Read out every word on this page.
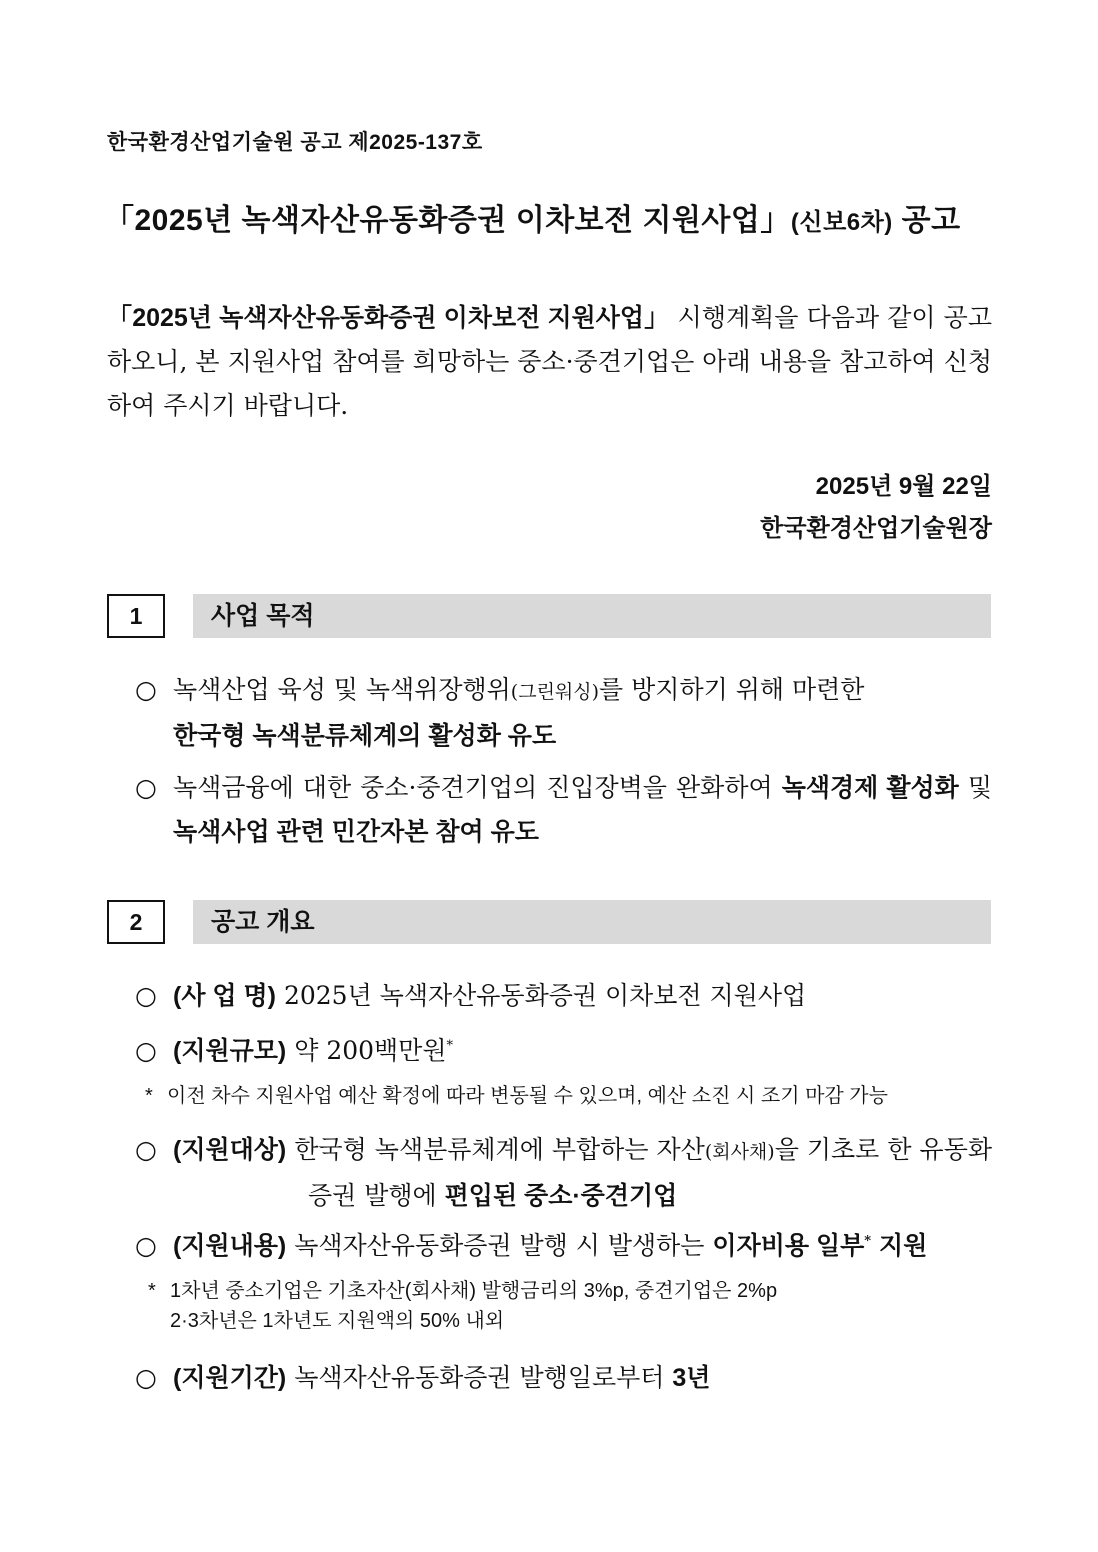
한국환경산업기술원 공고 제2025-137호
「2025년 녹색자산유동화증권 이차보전 지원사업」(신보6차) 공고
「2025년 녹색자산유동화증권 이차보전 지원사업」 시행계획을 다음과 같이 공고하오니, 본 지원사업 참여를 희망하는 중소·중견기업은 아래 내용을 참고하여 신청하여 주시기 바랍니다.
2025년 9월 22일
한국환경산업기술원장
1	사업 목적
○ 녹색산업 육성 및 녹색위장행위(그린워싱)를 방지하기 위해 마련한
한국형 녹색분류체계의 활성화 유도
○ 녹색금융에 대한 중소·중견기업의 진입장벽을 완화하여 녹색경제 활성화 및 녹색사업 관련 민간자본 참여 유도
2	공고 개요
○ (사 업 명) 2025년 녹색자산유동화증권 이차보전 지원사업
○ (지원규모) 약 200백만원*
* 이전 차수 지원사업 예산 확정에 따라 변동될 수 있으며, 예산 소진 시 조기 마감 가능
○ (지원대상) 한국형 녹색분류체계에 부합하는 자산(회사채)을 기초로 한 유동화증권 발행에 편입된 중소·중견기업
○ (지원내용) 녹색자산유동화증권 발행 시 발생하는 이자비용 일부* 지원
* 1차년 중소기업은 기초자산(회사채) 발행금리의 3%p, 중견기업은 2%p
2·3차년은 1차년도 지원액의 50% 내외
○ (지원기간) 녹색자산유동화증권 발행일로부터 3년
